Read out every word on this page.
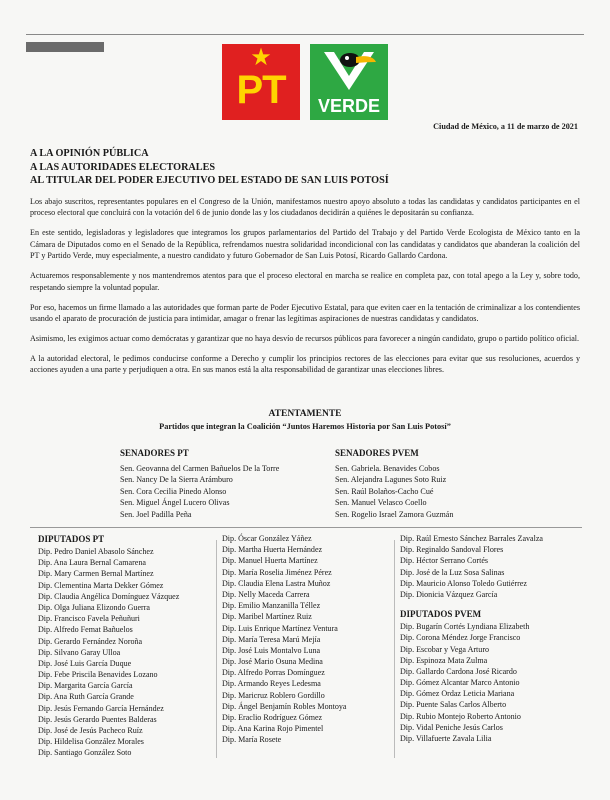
★
PT	VERDE
Ciudad de México, a 11 de marzo de 2021
A LA OPINIÓN PÚBLICA
A LAS AUTORIDADES ELECTORALES
AL TITULAR DEL PODER EJECUTIVO DEL ESTADO DE SAN LUIS POTOSÍ

Los abajo suscritos, representantes populares en el Congreso de la Unión, manifestamos nuestro apoyo absoluto a todas las candidatas y candidatos participantes en el proceso electoral que concluirá con la votación del 6 de junio donde las y los ciudadanos decidirán a quiénes le depositarán su confianza.

En este sentido, legisladoras y legisladores que integramos los grupos parlamentarios del Partido del Trabajo y del Partido Verde Ecologista de México tanto en la Cámara de Diputados como en el Senado de la República, refrendamos nuestra solidaridad incondicional con las candidatas y candidatos que abanderan la coalición del PT y Partido Verde, muy especialmente, a nuestro candidato y futuro Gobernador de San Luis Potosí, Ricardo Gallardo Cardona.

Actuaremos responsablemente y nos mantendremos atentos para que el proceso electoral en marcha se realice en completa paz, con total apego a la Ley y, sobre todo, respetando siempre la voluntad popular.

Por eso, hacemos un firme llamado a las autoridades que forman parte de Poder Ejecutivo Estatal, para que eviten caer en la tentación de criminalizar a los contendientes usando el aparato de procuración de justicia para intimidar, amagar o frenar las legítimas aspiraciones de nuestras candidatas y candidatos.

Asimismo, les exigimos actuar como demócratas y garantizar que no haya desvío de recursos públicos para favorecer a ningún candidato, grupo o partido político oficial.

A la autoridad electoral, le pedimos conducirse conforme a Derecho y cumplir los principios rectores de las elecciones para evitar que sus resoluciones, acuerdos y acciones ayuden a una parte y perjudiquen a otra. En sus manos está la alta responsabilidad de garantizar unas elecciones libres.

ATENTAMENTE
Partidos que integran la Coalición “Juntos Haremos Historia por San Luis Potosí”
SENADORES PT
Sen. Geovanna del Carmen Bañuelos De la Torre
Sen. Nancy De la Sierra Arámburo
Sen. Cora Cecilia Pinedo Alonso
Sen. Miguel Ángel Lucero Olivas
Sen. Joel Padilla Peña
SENADORES PVEM
Sen. Gabriela. Benavides Cobos
Sen. Alejandra Lagunes Soto Ruiz
Sen. Raúl Bolaños-Cacho Cué
Sen. Manuel Velasco Coello
Sen. Rogelio Israel Zamora Guzmán
DIPUTADOS PT
Dip. Pedro Daniel Abasolo Sánchez
Dip. Ana Laura Bernal Camarena
Dip. Mary Carmen Bernal Martínez
Dip. Clementina Marta Dekker Gómez
Dip. Claudia Angélica Domínguez Vázquez
Dip. Olga Juliana Elizondo Guerra
Dip. Francisco Favela Peñuñuri
Dip. Alfredo Femat Bañuelos
Dip. Gerardo Fernández Noroña
Dip. Silvano Garay Ulloa
Dip. José Luis García Duque
Dip. Febe Priscila Benavides Lozano
Dip. Margarita García García
Dip. Ana Ruth García Grande
Dip. Jesús Fernando García Hernández
Dip. Jesús Gerardo Puentes Balderas
Dip. José de Jesús Pacheco Ruíz
Dip. Hildelisa González Morales
Dip. Santiago González Soto
Dip. Óscar González Yáñez
Dip. Martha Huerta Hernández
Dip. Manuel Huerta Martínez
Dip. María Roselia Jiménez Pérez
Dip. Claudia Elena Lastra Muñoz
Dip. Nelly Maceda Carrera
Dip. Emilio Manzanilla Téllez
Dip. Maribel Martínez Ruiz
Dip. Luis Enrique Martínez Ventura
Dip. María Teresa Marú Mejía
Dip. José Luis Montalvo Luna
Dip. José Mario Osuna Medina
Dip. Alfredo Porras Domínguez
Dip. Armando Reyes Ledesma
Dip. Maricruz Roblero Gordillo
Dip. Ángel Benjamín Robles Montoya
Dip. Eraclio Rodríguez Gómez
Dip. Ana Karina Rojo Pimentel
Dip. María Rosete
Dip. Raúl Ernesto Sánchez Barrales Zavalza
Dip. Reginaldo Sandoval Flores
Dip. Héctor Serrano Cortés
Dip. José de la Luz Sosa Salinas
Dip. Mauricio Alonso Toledo Gutiérrez
Dip. Dionicia Vázquez García
DIPUTADOS PVEM
Dip. Bugarín Cortés Lyndiana Elizabeth
Dip. Corona Méndez Jorge Francisco
Dip. Escobar y Vega Arturo
Dip. Espinoza Mata Zulma
Dip. Gallardo Cardona José Ricardo
Dip. Gómez Alcantar Marco Antonio
Dip. Gómez Ordaz Leticia Mariana
Dip. Puente Salas Carlos Alberto
Dip. Rubio Montejo Roberto Antonio
Dip. Vidal Peniche Jesús Carlos
Dip. Villafuerte Zavala Lilia
